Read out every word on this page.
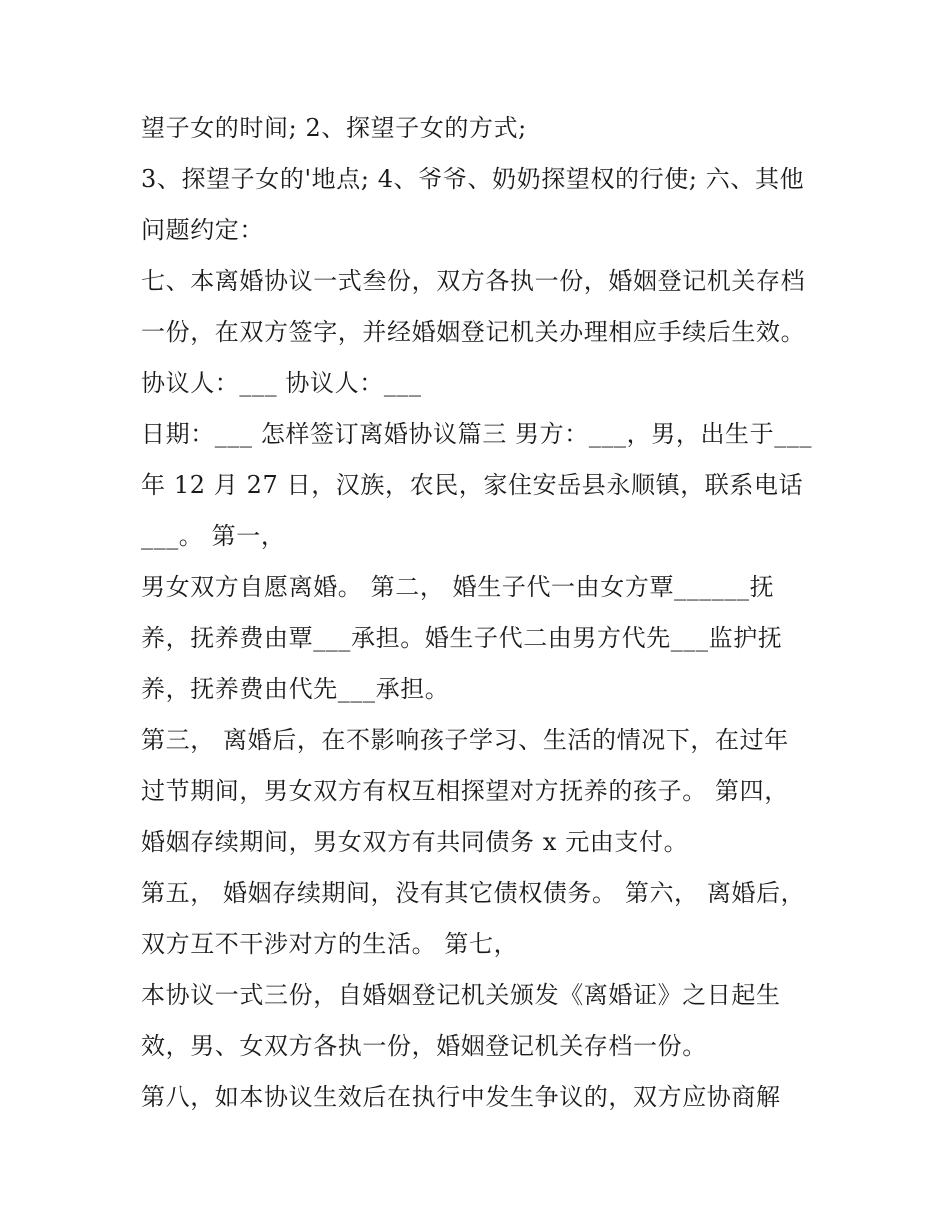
望子女的时间; 2、探望子女的方式;
3、探望子女的'地点; 4、爷爷、奶奶探望权的行使; 六、其他
问题约定：
七、本离婚协议一式叁份，双方各执一份，婚姻登记机关存档
一份，在双方签字，并经婚姻登记机关办理相应手续后生效。
协议人：___ 协议人：___
日期：___ 怎样签订离婚协议篇三 男方：___，男，出生于___
年 12 月 27 日，汉族，农民，家住安岳县永顺镇，联系电话
___。 第一，
男女双方自愿离婚。 第二， 婚生子代一由女方覃______抚
养，抚养费由覃___承担。婚生子代二由男方代先___监护抚
养，抚养费由代先___承担。
第三， 离婚后，在不影响孩子学习、生活的情况下，在过年
过节期间，男女双方有权互相探望对方抚养的孩子。 第四，
婚姻存续期间，男女双方有共同债务 x 元由支付。
第五， 婚姻存续期间，没有其它债权债务。 第六， 离婚后，
双方互不干涉对方的生活。 第七，
本协议一式三份，自婚姻登记机关颁发《离婚证》之日起生
效，男、女双方各执一份，婚姻登记机关存档一份。
第八，如本协议生效后在执行中发生争议的，双方应协商解
